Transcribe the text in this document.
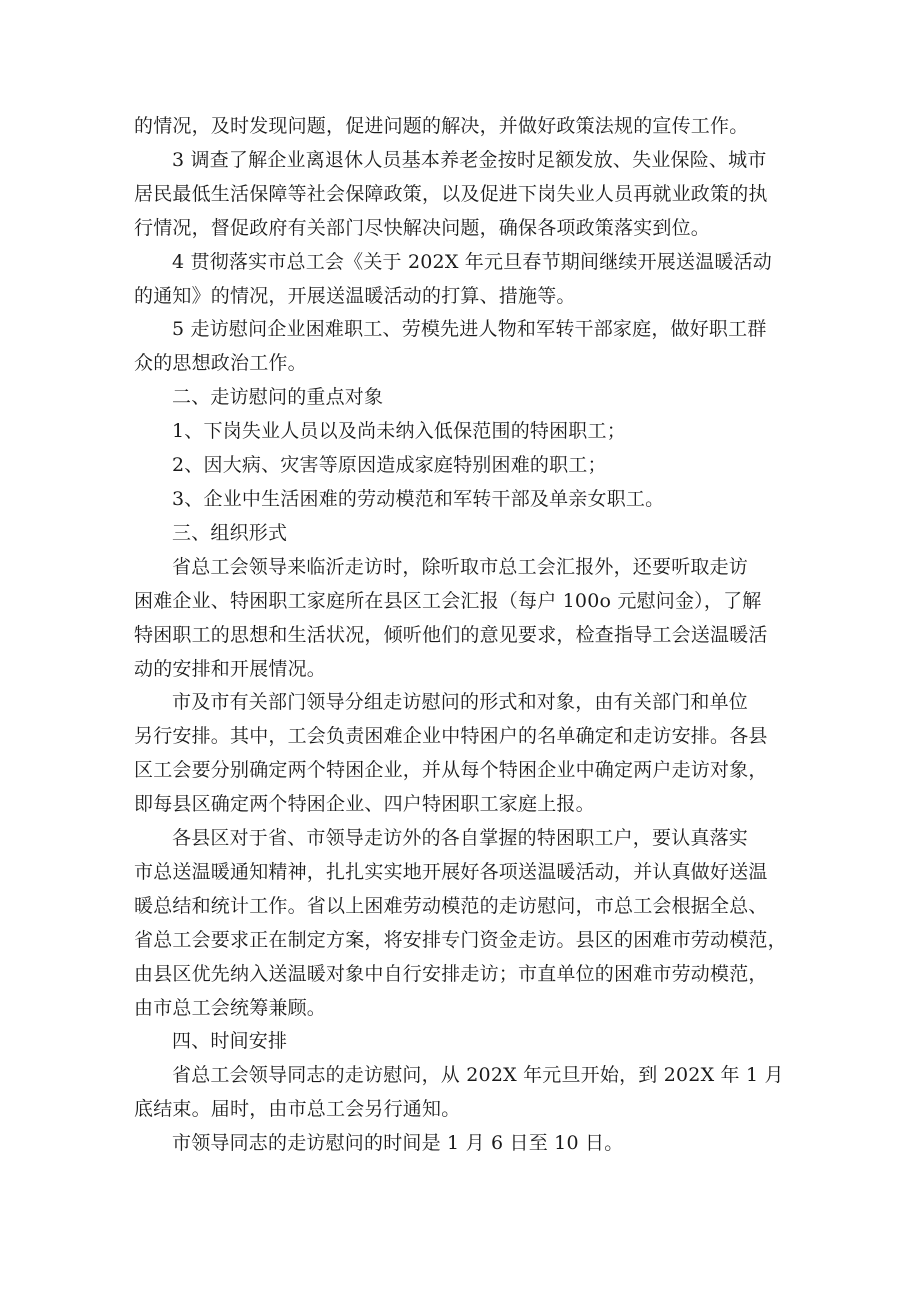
的情况，及时发现问题，促进问题的解决，并做好政策法规的宣传工作。
3 调查了解企业离退休人员基本养老金按时足额发放、失业保险、城市
居民最低生活保障等社会保障政策，以及促进下岗失业人员再就业政策的执
行情况，督促政府有关部门尽快解决问题，确保各项政策落实到位。
4 贯彻落实市总工会《关于 202X 年元旦春节期间继续开展送温暖活动
的通知》的情况，开展送温暖活动的打算、措施等。
5 走访慰问企业困难职工、劳模先进人物和军转干部家庭，做好职工群
众的思想政治工作。
二、走访慰问的重点对象
1、下岗失业人员以及尚未纳入低保范围的特困职工；
2、因大病、灾害等原因造成家庭特别困难的职工；
3、企业中生活困难的劳动模范和军转干部及单亲女职工。
三、组织形式
省总工会领导来临沂走访时，除听取市总工会汇报外，还要听取走访
困难企业、特困职工家庭所在县区工会汇报（每户 100o 元慰问金），了解
特困职工的思想和生活状况，倾听他们的意见要求，检查指导工会送温暖活
动的安排和开展情况。
市及市有关部门领导分组走访慰问的形式和对象，由有关部门和单位
另行安排。其中，工会负责困难企业中特困户的名单确定和走访安排。各县
区工会要分别确定两个特困企业，并从每个特困企业中确定两户走访对象，
即每县区确定两个特困企业、四户特困职工家庭上报。
各县区对于省、市领导走访外的各自掌握的特困职工户，要认真落实
市总送温暖通知精神，扎扎实实地开展好各项送温暖活动，并认真做好送温
暖总结和统计工作。省以上困难劳动模范的走访慰问，市总工会根据全总、
省总工会要求正在制定方案，将安排专门资金走访。县区的困难市劳动模范，
由县区优先纳入送温暖对象中自行安排走访；市直单位的困难市劳动模范，
由市总工会统筹兼顾。
四、时间安排
省总工会领导同志的走访慰问，从 202X 年元旦开始，到 202X 年 1 月
底结束。届时，由市总工会另行通知。
市领导同志的走访慰问的时间是 1 月 6 日至 10 日。
